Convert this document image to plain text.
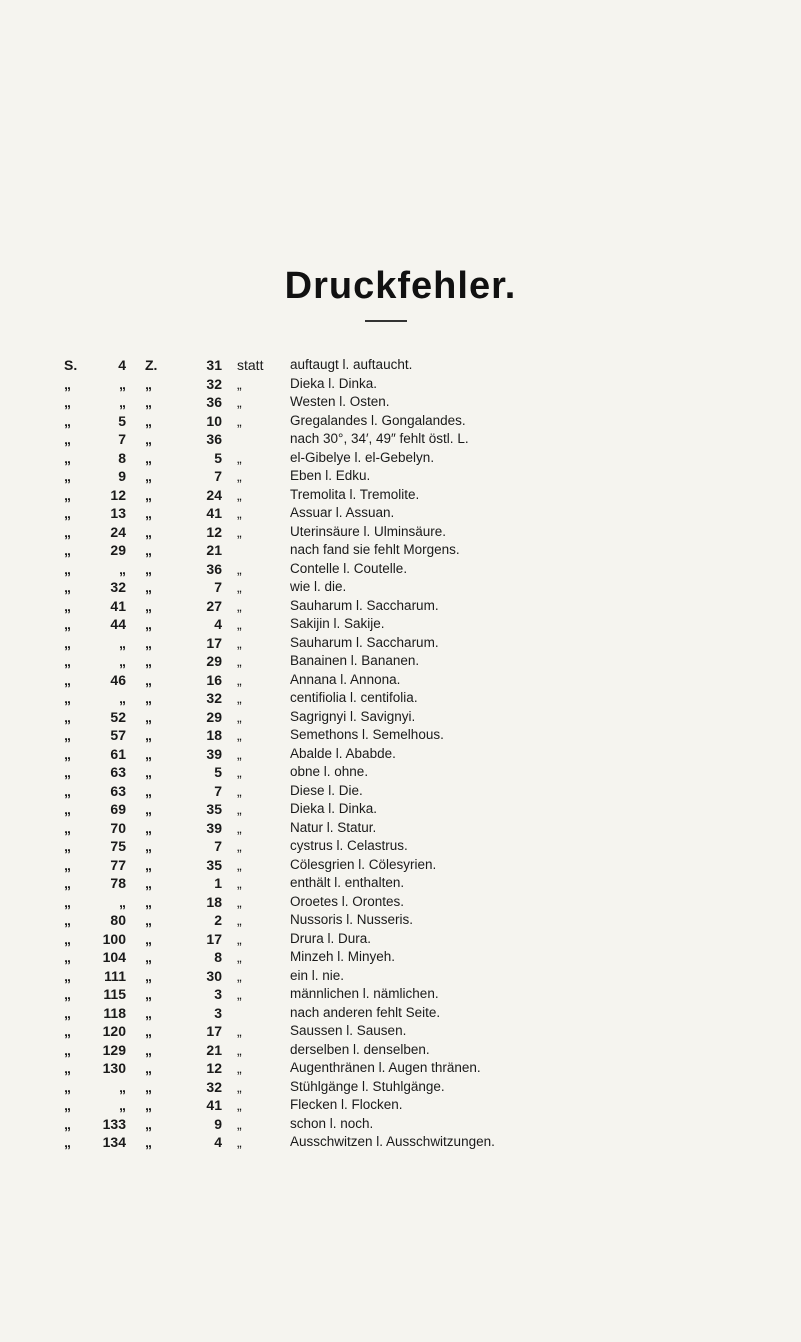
Druckfehler.
S.	4 Z.	31 statt	auftaugt l. auftaucht.
„	„ „	32 „	Dieka l. Dinka.
„	„ „	36 „	Westen l. Osten.
„	5 „	10 „	Gregalandes l. Gongalandes.
„	7 „	36	nach 30°, 34′, 49″ fehlt östl. L.
„	8 „	5 „	el-Gibelye l. el-Gebelyn.
„	9 „	7 „	Eben l. Edku.
„	12 „	24 „	Tremolita l. Tremolite.
„	13 „	41 „	Assuar l. Assuan.
„	24 „	12 „	Uterinsäure l. Ulminsäure.
„	29 „	21	nach fand sie fehlt Morgens.
„	„ „	36 „	Contelle l. Coutelle.
„	32 „	7 „	wie l. die.
„	41 „	27 „	Sauharum l. Saccharum.
„	44 „	4 „	Sakijin l. Sakije.
„	„ „	17 „	Sauharum l. Saccharum.
„	„ „	29 „	Banainen l. Bananen.
„	46 „	16 „	Annana l. Annona.
„	„ „	32 „	centifiolia l. centifolia.
„	52 „	29 „	Sagrignyi l. Savignyi.
„	57 „	18 „	Semethons l. Semelhous.
„	61 „	39 „	Abalde l. Ababde.
„	63 „	5 „	obne l. ohne.
„	63 „	7 „	Diese l. Die.
„	69 „	35 „	Dieka l. Dinka.
„	70 „	39 „	Natur l. Statur.
„	75 „	7 „	cystrus l. Celastrus.
„	77 „	35 „	Cölesgrien l. Cölesyrien.
„	78 „	1 „	enthält l. enthalten.
„	„ „	18 „	Oroetes l. Orontes.
„	80 „	2 „	Nussoris l. Nusseris.
„	100 „	17 „	Drura l. Dura.
„	104 „	8 „	Minzeh l. Minyeh.
„	111 „	30 „	ein l. nie.
„	115 „	3 „	männlichen l. nämlichen.
„	118 „	3	nach anderen fehlt Seite.
„	120 „	17 „	Saussen l. Sausen.
„	129 „	21 „	derselben l. denselben.
„	130 „	12 „	Augenthränen l. Augen thränen.
„	„ „	32 „	Stühlgänge l. Stuhlgänge.
„	„ „	41 „	Flecken l. Flocken.
„	133 „	9 „	schon l. noch.
„	134 „	4 „	Ausschwitzen l. Ausschwitzungen.
